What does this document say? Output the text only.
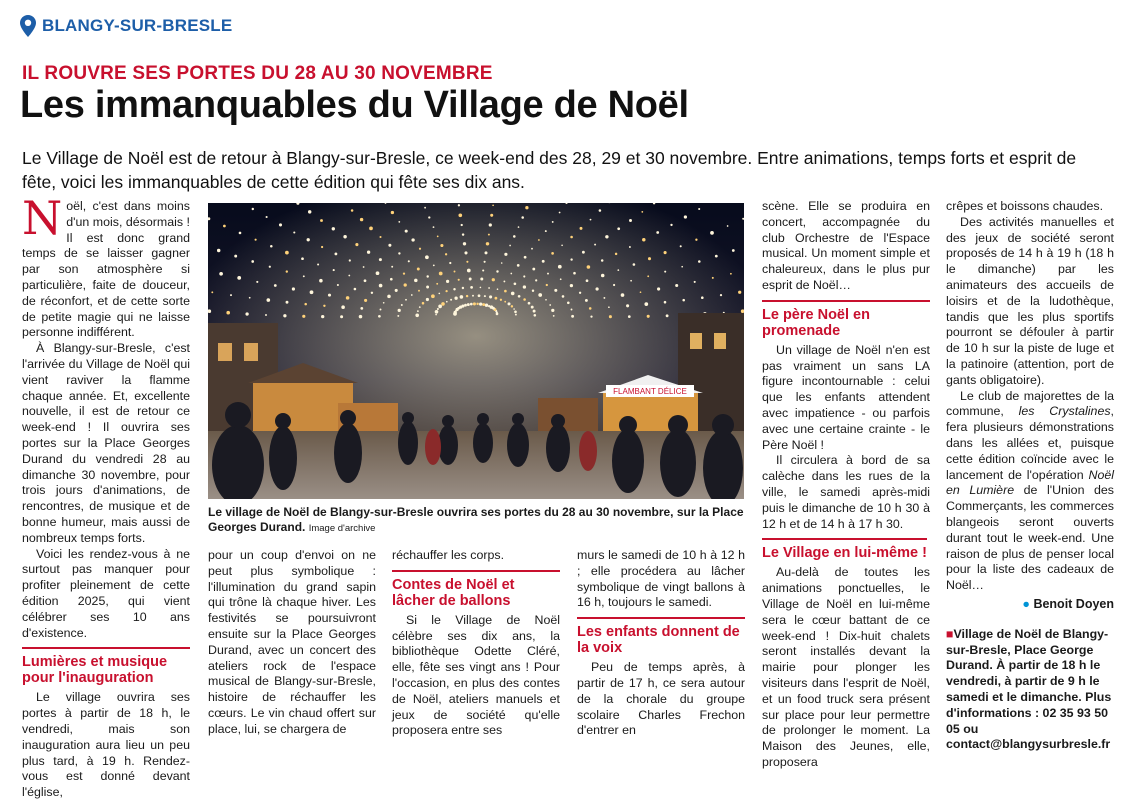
BLANGY-SUR-BRESLE
IL ROUVRE SES PORTES DU 28 AU 30 NOVEMBRE
Les immanquables du Village de Noël
Le Village de Noël est de retour à Blangy-sur-Bresle, ce week-end des 28, 29 et 30 novembre. Entre animations, temps forts et esprit de fête, voici les immanquables de cette édition qui fête ses dix ans.

Noël, c'est dans moins d'un mois, désormais ! Il est donc grand temps de se laisser gagner par son atmosphère si particulière, faite de douceur, de réconfort, et de cette sorte de petite magie qui ne laisse personne indifférent.

À Blangy-sur-Bresle, c'est l'arrivée du Village de Noël qui vient raviver la flamme chaque année. Et, excellente nouvelle, il est de retour ce week-end ! Il ouvrira ses portes sur la Place Georges Durand du vendredi 28 au dimanche 30 novembre, pour trois jours d'animations, de rencontres, de musique et de bonne humeur, mais aussi de nombreux temps forts.

Voici les rendez-vous à ne surtout pas manquer pour profiter pleinement de cette édition 2025, qui vient célébrer ses 10 ans d'existence.

Lumières et musique pour l'inauguration

Le village ouvrira ses portes à partir de 18 h, le vendredi, mais son inauguration aura lieu un peu plus tard, à 19 h. Rendez-vous est donné devant l'église,

FLAMBANT DÉLICE
Le village de Noël de Blangy-sur-Bresle ouvrira ses portes du 28 au 30 novembre, sur la Place Georges Durand. Image d'archive

pour un coup d'envoi on ne peut plus symbolique : l'illumination du grand sapin qui trône là chaque hiver. Les festivités se poursuivront ensuite sur la Place Georges Durand, avec un concert des ateliers rock de l'espace musical de Blangy-sur-Bresle, histoire de réchauffer les cœurs. Le vin chaud offert sur place, lui, se chargera de

réchauffer les corps.

Contes de Noël et lâcher de ballons

Si le Village de Noël célèbre ses dix ans, la bibliothèque Odette Cléré, elle, fête ses vingt ans ! Pour l'occasion, en plus des contes de Noël, ateliers manuels et jeux de société qu'elle proposera entre ses

murs le samedi de 10 h à 12 h ; elle procédera au lâcher symbolique de vingt ballons à 16 h, toujours le samedi.

Les enfants donnent de la voix

Peu de temps après, à partir de 17 h, ce sera autour de la chorale du groupe scolaire Charles Frechon d'entrer en

scène. Elle se produira en concert, accompagnée du club Orchestre de l'Espace musical. Un moment simple et chaleureux, dans le plus pur esprit de Noël…

Le père Noël en promenade

Un village de Noël n'en est pas vraiment un sans LA figure incontournable : celui que les enfants attendent avec impatience - ou parfois avec une certaine crainte - le Père Noël !

Il circulera à bord de sa calèche dans les rues de la ville, le samedi après-midi puis le dimanche de 10 h 30 à 12 h et de 14 h à 17 h 30.

Le Village en lui-même !

Au-delà de toutes les animations ponctuelles, le Village de Noël en lui-même sera le cœur battant de ce week-end ! Dix-huit chalets seront installés devant la mairie pour plonger les visiteurs dans l'esprit de Noël, et un food truck sera présent sur place pour leur permettre de prolonger le moment. La Maison des Jeunes, elle, proposera

crêpes et boissons chaudes.

Des activités manuelles et des jeux de société seront proposés de 14 h à 19 h (18 h le dimanche) par les animateurs des accueils de loisirs et de la ludothèque, tandis que les plus sportifs pourront se défouler à partir de 10 h sur la piste de luge et la patinoire (attention, port de gants obligatoire).

Le club de majorettes de la commune, les Crystalines, fera plusieurs démonstrations dans les allées et, puisque cette édition coïncide avec le lancement de l'opération Noël en Lumière de l'Union des Commerçants, les commerces blangeois seront ouverts durant tout le week-end. Une raison de plus de penser local pour la liste des cadeaux de Noël…

● Benoit Doyen
■Village de Noël de Blangy-sur-Bresle, Place George Durand. À partir de 18 h le vendredi, à partir de 9 h le samedi et le dimanche. Plus d'informations : 02 35 93 50 05 ou contact@blangysurbresle.fr
